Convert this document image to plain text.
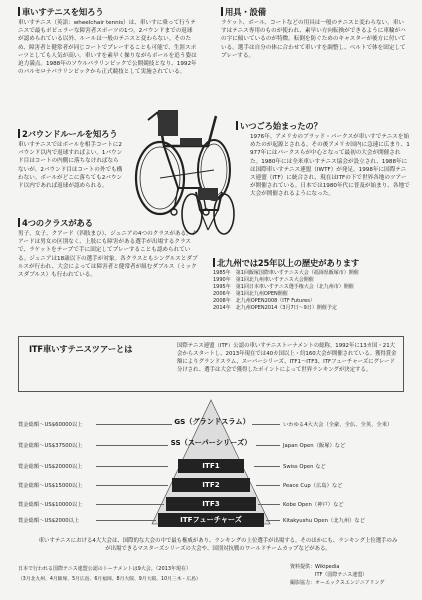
車いすテニスを知ろう
車いすテニス（英語：wheelchair tennis）は、車いすに乗って行うテニスで最もポピュラーな障害者スポーツの1つ。2バウンドまでの返球が認められている以外、ルールは一般のテニスと変わらない。そのため、障害者と健常者が同じコートでプレーすることも可能で、生涯スポーツとしても人気が高い。車いすを素早く操りながらボールを追う姿は迫力満点。1988年のソウルパラリンピックで公開競技となり、1992年のバルセロナパラリンピックから正式競技として実施されている。
2バウンドルールを知ろう
車いすテニスではボールを相手コートに2バウンド以内で返球すればよい。1バウンド目はコートの内側に落ちなければならないが、2バウンド目はコートの外でも構わない。ボールがどこに落ちても2バウンド以内であれば返球が認められる。
4つのクラスがある
男子、女子、クアード（四肢まひ）、ジュニアの4つのクラスがある。クアードは男女の区別なく、上肢にも障害がある選手が出場するクラスで、ラケットをテープで手に固定してプレーすることも認められている。ジュニアは18歳以下の選手が対象。各クラスともシングルスとダブルスが行われ、大会によっては障害者と健常者が組むダブルス（ミックスダブルス）も行われている。
用具・設備
ラケット、ボール、コートなどの用具は一般のテニスと変わらない。車いすはテニス専用のものが使われ、素早い方向転換ができるように車輪がハの字に傾いているのが特徴。転倒を防ぐためのキャスターが後方に付いている。選手は自分の体に合わせて車いすを調整し、ベルトで体を固定してプレーする。
いつごろ始まったの？
1976年、アメリカのブラッド・パークスが車いすでテニスを始めたのが起源とされる。その後アメリカ国内に急速に広まり、1977年にはパークスらが中心となって最初の大会が開催された。1980年には全米車いすテニス協会が設立され、1988年には国際車いすテニス連盟（IWTF）が発足。1998年に国際テニス連盟（ITF）に統合され、現在はITFの下で世界各地のツアーが開催されている。日本では1980年代に普及が始まり、各地で大会が開催されるようになった。
北九州では25年以上の歴史があります
1985年　第1回飯塚国際車いすテニス大会（福岡県飯塚市）開催
1990年　第1回北九州車いすテニス大会開催
1995年　第1回日本車いすテニス選手権大会（北九州市）開催
2006年　第1回北九州OPEN開催
2008年　北九州OPEN2008（ITF Futures）
2014年　北九州OPEN2014（3月7日〜9日）開催予定
ITF車いすテニスツアーとは	国際テニス連盟（ITF）公認の車いすテニストーナメントの総称。1992年に13カ国・21大会からスタートし、2013年現在では40カ国以上・約160大会が開催されている。獲得賞金額によりグランドスラム、スーパーシリーズ、ITF1〜ITF3、ITFフューチャーズにグレード分けされ、選手は大会で獲得したポイントによって世界ランキングが決定する。
賞金総額〜US$60000以上	GS（グランドスラム）	いわゆる4大大会（全豪、全仏、全英、全米）
賞金総額〜US$37500以上	SS（スーパーシリーズ）	Japan Open（飯塚）など
賞金総額〜US$20000以上	ITF1	Swiss Open など
賞金総額〜US$15000以上	ITF2	Peace Cup（広島）など
賞金総額〜US$10000以上	ITF3	Kobe Open（神戸）など
賞金総額〜US$2000以上	ITFフューチャーズ	Kitakyushu Open（北九州）など
車いすテニスにおける4大大会は、国際的な大会の中で最も権威があり、ランキングの上位選手が出場する。そのほかにも、ランキング上位選手のみが出場できるマスターズシリーズの大会や、国別対抗戦のワールドチームカップなどがある。
日本で行われる国際テニス連盟公認のトーナメントは9大会。（2013年現在）
（3月北九州、4月飯塚、5月広島、6月福岡、8月大阪、9月大阪、10月三木・広島）
資料提供：Wikipedia
　　　　　ITF（国際テニス連盟）
撮影協力：オーエックスエンジニアリング
